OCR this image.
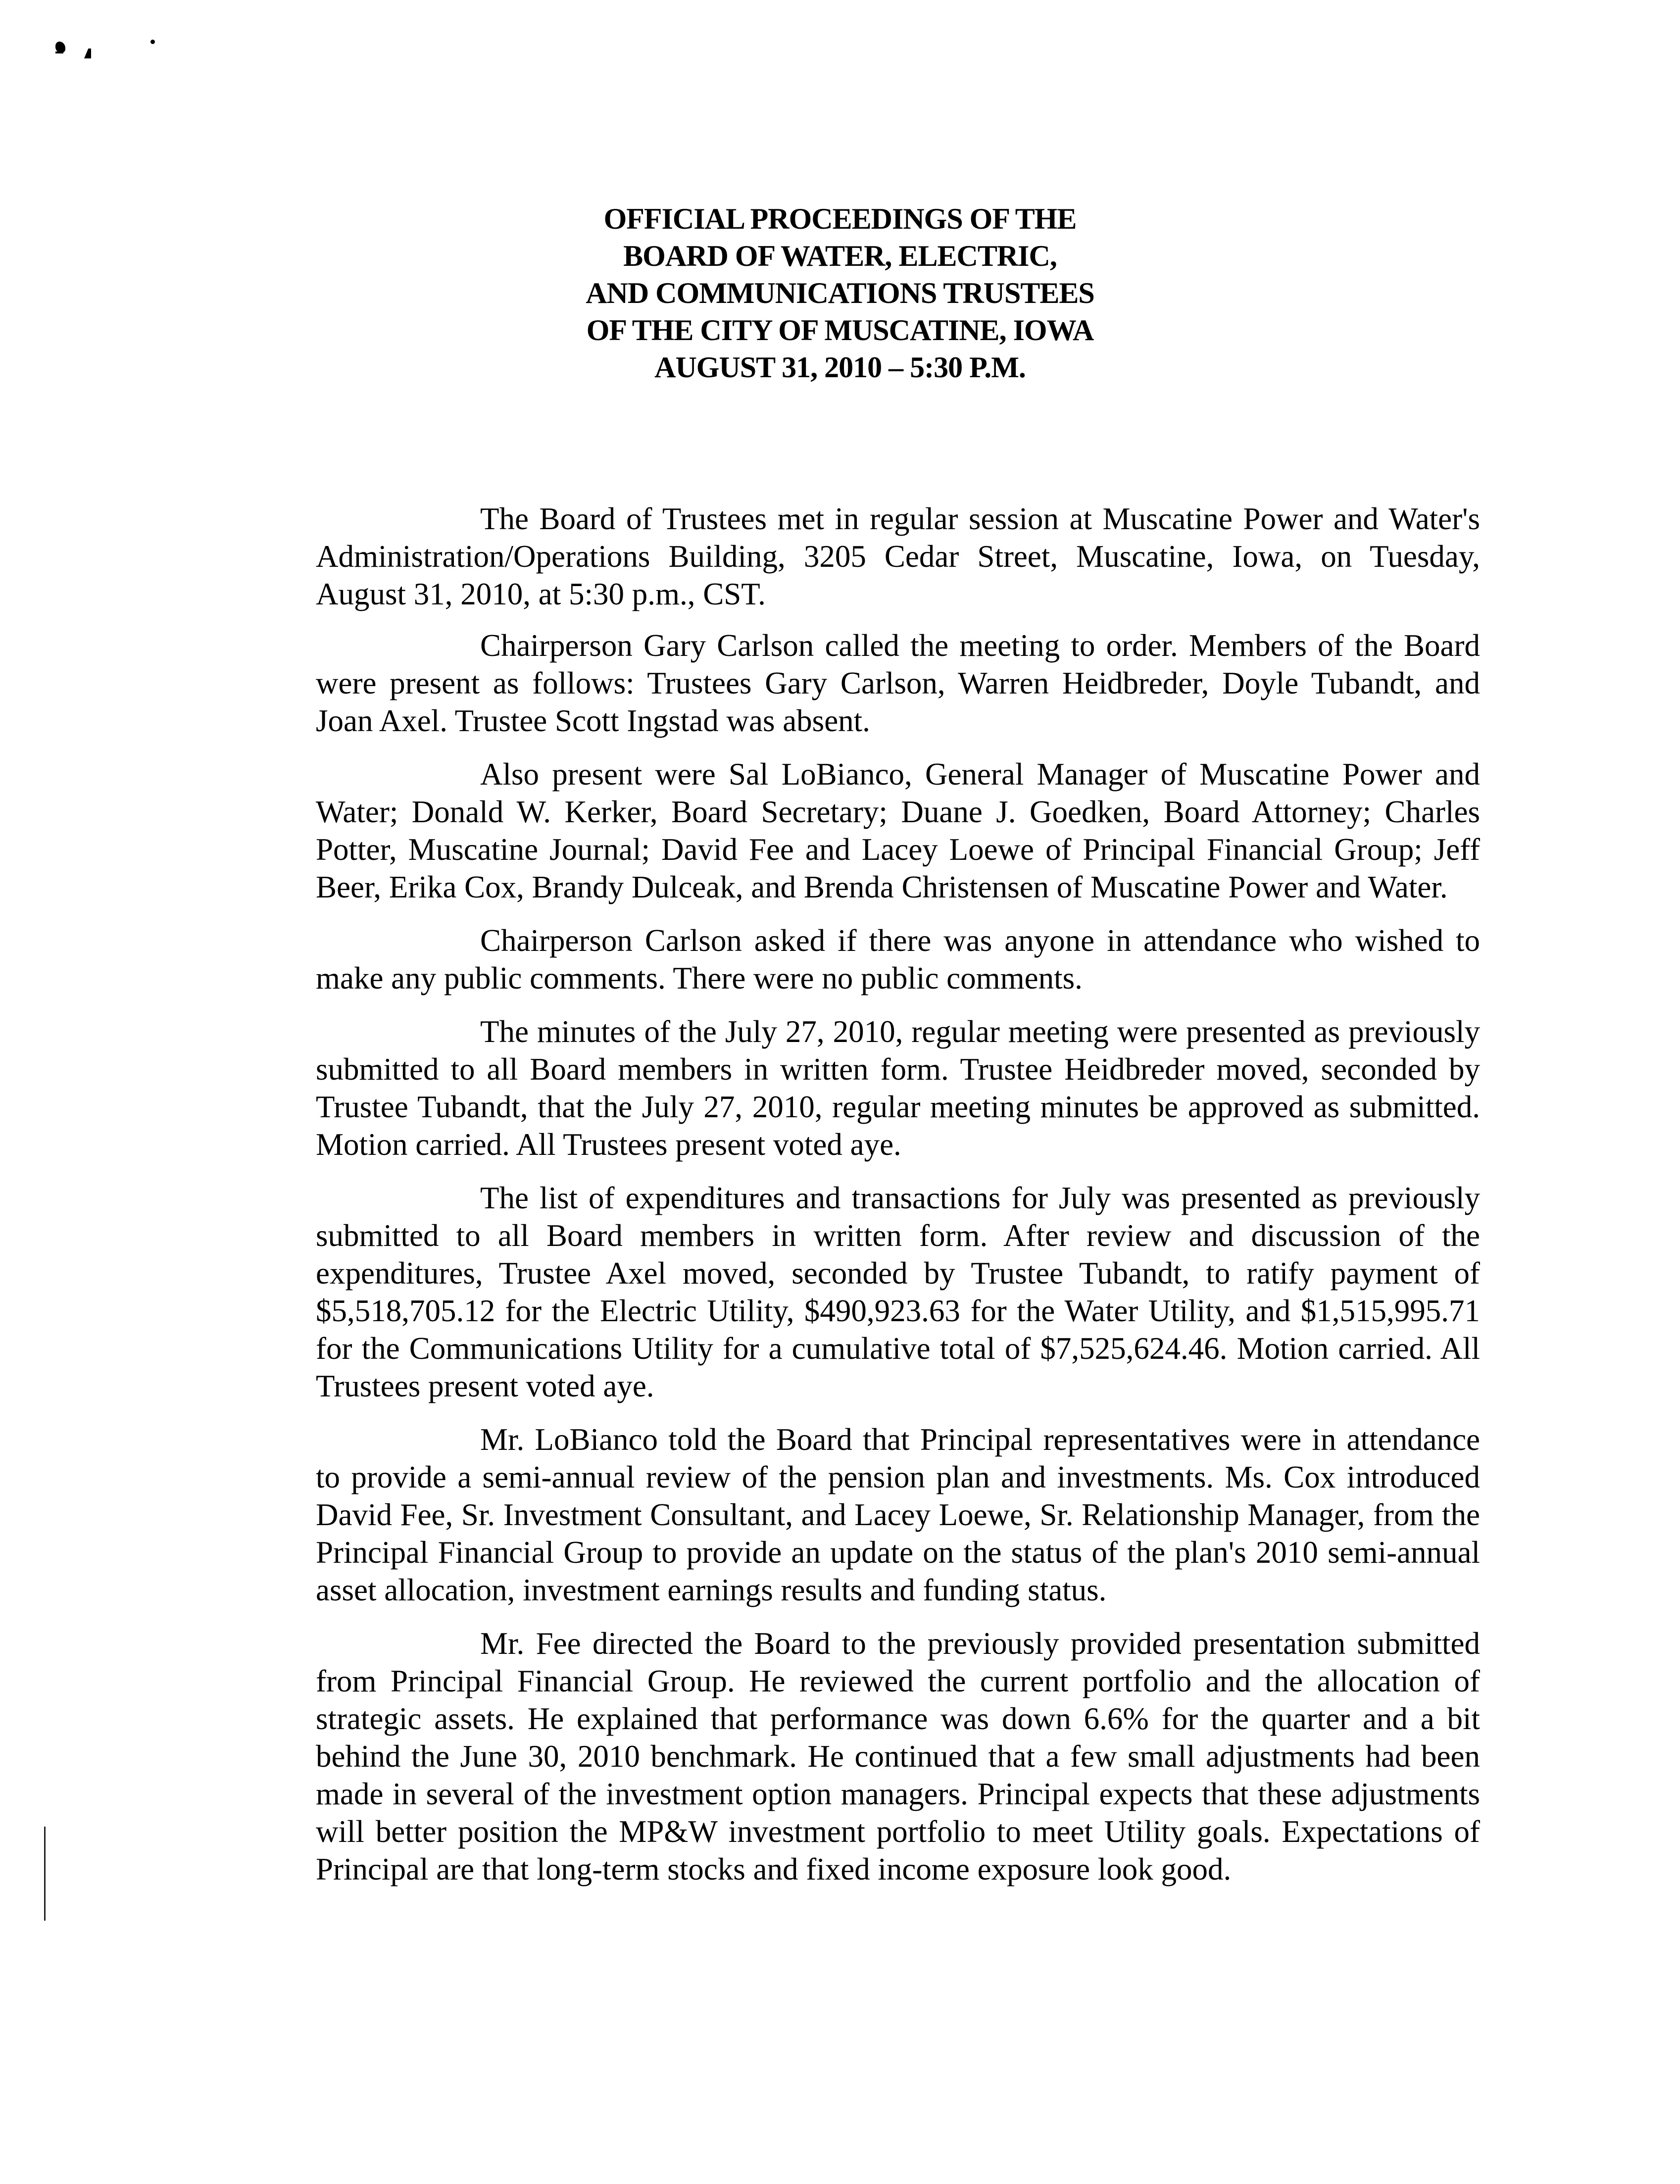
OFFICIAL PROCEEDINGS OF THE
BOARD OF WATER, ELECTRIC,
AND COMMUNICATIONS TRUSTEES
OF THE CITY OF MUSCATINE, IOWA
AUGUST 31, 2010 – 5:30 P.M.

The Board of Trustees met in regular session at Muscatine Power and Water's Administration/Operations Building, 3205 Cedar Street, Muscatine, Iowa, on Tuesday, August 31, 2010, at 5:30 p.m., CST.

Chairperson Gary Carlson called the meeting to order. Members of the Board were present as follows: Trustees Gary Carlson, Warren Heidbreder, Doyle Tubandt, and Joan Axel. Trustee Scott Ingstad was absent.

Also present were Sal LoBianco, General Manager of Muscatine Power and Water; Donald W. Kerker, Board Secretary; Duane J. Goedken, Board Attorney; Charles Potter, Muscatine Journal; David Fee and Lacey Loewe of Principal Financial Group; Jeff Beer, Erika Cox, Brandy Dulceak, and Brenda Christensen of Muscatine Power and Water.

Chairperson Carlson asked if there was anyone in attendance who wished to make any public comments. There were no public comments.

The minutes of the July 27, 2010, regular meeting were presented as previously submitted to all Board members in written form. Trustee Heidbreder moved, seconded by Trustee Tubandt, that the July 27, 2010, regular meeting minutes be approved as submitted. Motion carried. All Trustees present voted aye.

The list of expenditures and transactions for July was presented as previously submitted to all Board members in written form. After review and discussion of the expenditures, Trustee Axel moved, seconded by Trustee Tubandt, to ratify payment of $5,518,705.12 for the Electric Utility, $490,923.63 for the Water Utility, and $1,515,995.71 for the Communications Utility for a cumulative total of $7,525,624.46. Motion carried. All Trustees present voted aye.

Mr. LoBianco told the Board that Principal representatives were in attendance to provide a semi-annual review of the pension plan and investments. Ms. Cox introduced David Fee, Sr. Investment Consultant, and Lacey Loewe, Sr. Relationship Manager, from the Principal Financial Group to provide an update on the status of the plan's 2010 semi-annual asset allocation, investment earnings results and funding status.

Mr. Fee directed the Board to the previously provided presentation submitted from Principal Financial Group. He reviewed the current portfolio and the allocation of strategic assets. He explained that performance was down 6.6% for the quarter and a bit behind the June 30, 2010 benchmark. He continued that a few small adjustments had been made in several of the investment option managers. Principal expects that these adjustments will better position the MP&W investment portfolio to meet Utility goals. Expectations of Principal are that long-term stocks and fixed income exposure look good.
